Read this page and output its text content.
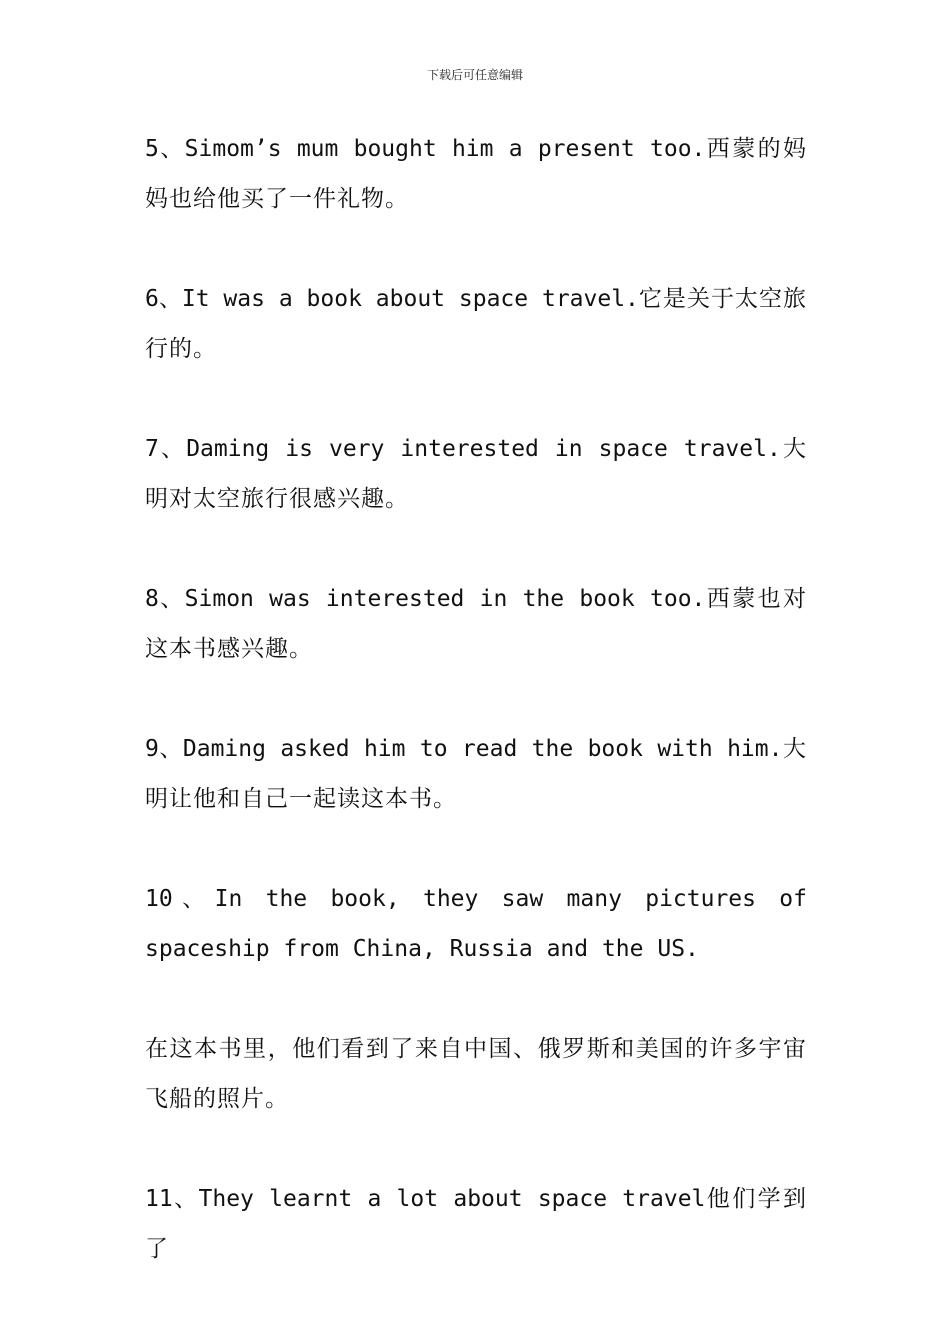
下载后可任意编辑

5、Simom’s mum bought him a present too.西蒙的妈妈也给他买了一件礼物。

6、It was a book about space travel.它是关于太空旅行的。

7、Daming is very interested in space travel.大明对太空旅行很感兴趣。

8、Simon was interested in the book too.西蒙也对这本书感兴趣。

9、Daming asked him to read the book with him.大明让他和自己一起读这本书。

10、In the book, they saw many pictures of spaceship from China, Russia and the US.

在这本书里，他们看到了来自中国、俄罗斯和美国的许多宇宙飞船的照片。

11、They learnt a lot about space travel他们学到了
